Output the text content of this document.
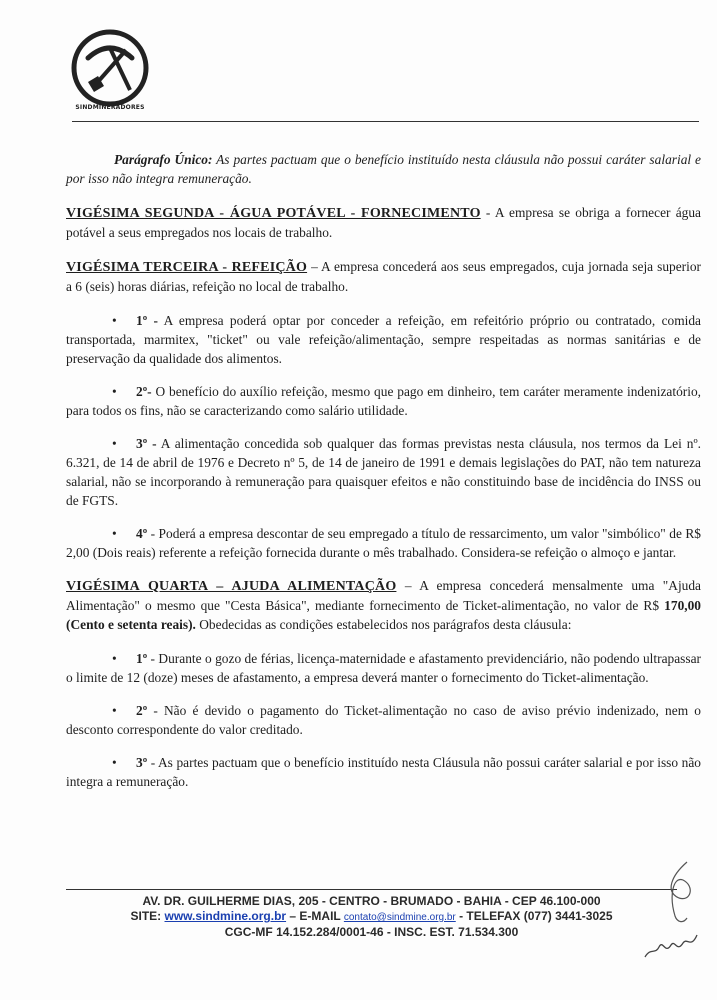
SINDMINERADORES

Parágrafo Único: As partes pactuam que o benefício instituído nesta cláusula não possui caráter salarial e por isso não integra remuneração.

VIGÉSIMA SEGUNDA - ÁGUA POTÁVEL - FORNECIMENTO - A empresa se obriga a fornecer água potável a seus empregados nos locais de trabalho.

VIGÉSIMA TERCEIRA - REFEIÇÃO – A empresa concederá aos seus empregados, cuja jornada seja superior a 6 (seis) horas diárias, refeição no local de trabalho.

• 1º - A empresa poderá optar por conceder a refeição, em refeitório próprio ou contratado, comida transportada, marmitex, "ticket" ou vale refeição/alimentação, sempre respeitadas as normas sanitárias e de preservação da qualidade dos alimentos.

• 2º- O benefício do auxílio refeição, mesmo que pago em dinheiro, tem caráter meramente indenizatório, para todos os fins, não se caracterizando como salário utilidade.

• 3º - A alimentação concedida sob qualquer das formas previstas nesta cláusula, nos termos da Lei nº. 6.321, de 14 de abril de 1976 e Decreto nº 5, de 14 de janeiro de 1991 e demais legislações do PAT, não tem natureza salarial, não se incorporando à remuneração para quaisquer efeitos e não constituindo base de incidência do INSS ou de FGTS.

• 4º - Poderá a empresa descontar de seu empregado a título de ressarcimento, um valor "simbólico" de R$ 2,00 (Dois reais) referente a refeição fornecida durante o mês trabalhado. Considera-se refeição o almoço e jantar.

VIGÉSIMA QUARTA – AJUDA ALIMENTAÇÃO – A empresa concederá mensalmente uma "Ajuda Alimentação" o mesmo que "Cesta Básica", mediante fornecimento de Ticket-alimentação, no valor de R$ 170,00 (Cento e setenta reais). Obedecidas as condições estabelecidos nos parágrafos desta cláusula:

• 1º - Durante o gozo de férias, licença-maternidade e afastamento previdenciário, não podendo ultrapassar o limite de 12 (doze) meses de afastamento, a empresa deverá manter o fornecimento do Ticket-alimentação.

• 2º - Não é devido o pagamento do Ticket-alimentação no caso de aviso prévio indenizado, nem o desconto correspondente do valor creditado.

• 3º - As partes pactuam que o benefício instituído nesta Cláusula não possui caráter salarial e por isso não integra a remuneração.

AV. DR. GUILHERME DIAS, 205 - CENTRO - BRUMADO - BAHIA - CEP 46.100-000
SITE: www.sindmine.org.br – E-MAIL contato@sindmine.org.br - TELEFAX (077) 3441-3025
CGC-MF 14.152.284/0001-46 - INSC. EST. 71.534.300
